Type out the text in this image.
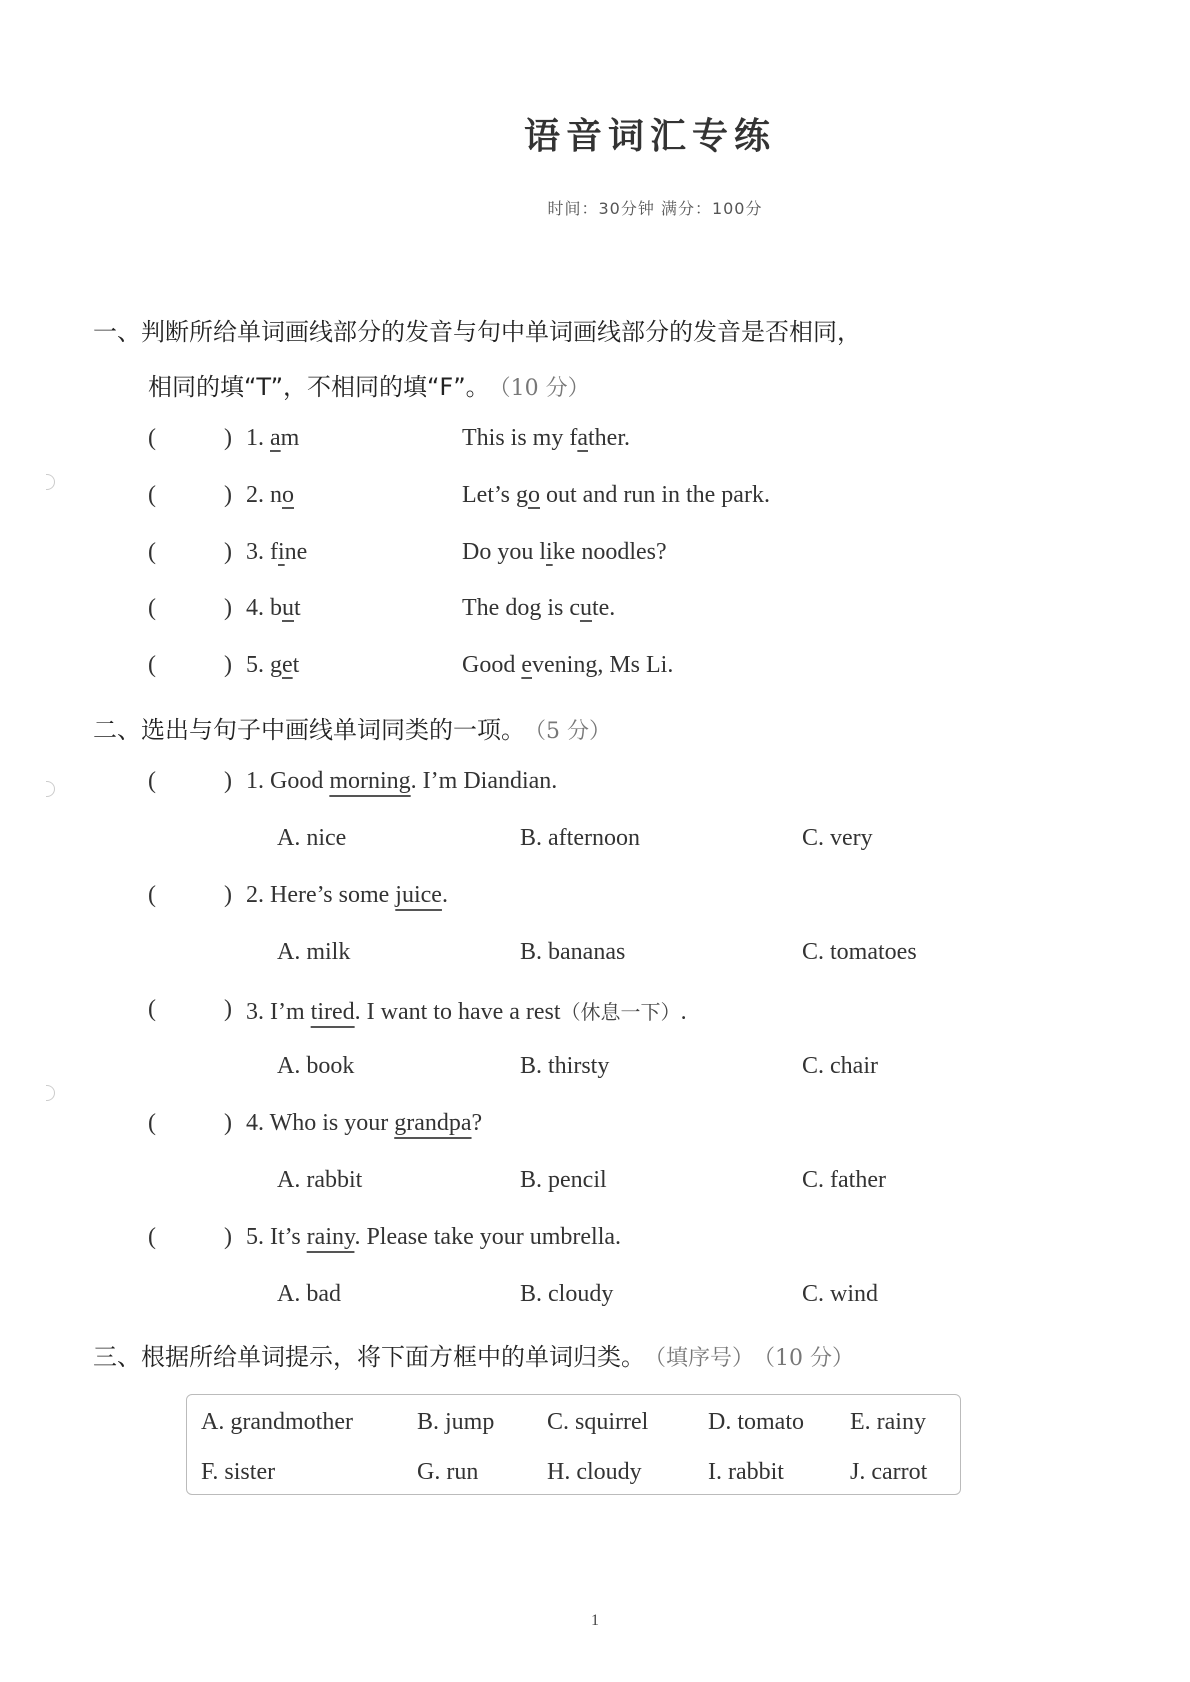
语音词汇专练
时间：30分钟 满分：100分
一、判断所给单词画线部分的发音与句中单词画线部分的发音是否相同，
相同的填“T”，不相同的填“F”。 （10 分）
(	) 1. am	This is my father.
(	) 2. no	Let’s go out and run in the park.
(	) 3. fine	Do you like noodles?
(	) 4. but	The dog is cute.
(	) 5. get	Good evening, Ms Li.
二、选出与句子中画线单词同类的一项。 （5 分）
(	) 1. Good morning. I’m Diandian.
A. nice	B. afternoon	C. very
(	) 2. Here’s some juice.
A. milk	B. bananas	C. tomatoes
(	) 3. I’m tired. I want to have a rest（休息一下）.
A. book	B. thirsty	C. chair
(	) 4. Who is your grandpa?
A. rabbit	B. pencil	C. father
(	) 5. It’s rainy. Please take your umbrella.
A. bad	B. cloudy	C. wind
三、根据所给单词提示，将下面方框中的单词归类。 （填序号） （10 分）
A. grandmother	B. jump C. squirrel D. tomato E. rainy
F. sister	G. run	H. cloudy	I. rabbit	J. carrot
1
